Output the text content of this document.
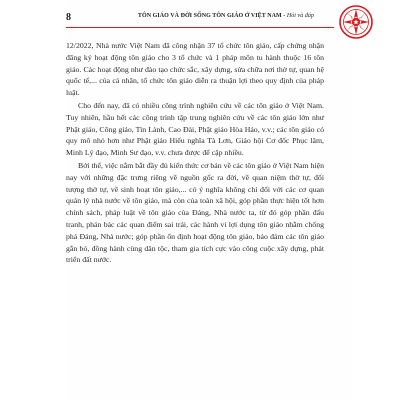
8	TÔN GIÁO VÀ ĐỜI SỐNG TÔN GIÁO Ở VIỆT NAM - Hỏi và đáp

12/2022, Nhà nước Việt Nam đã công nhận 37 tổ chức tôn giáo, cấp chứng nhận đăng ký hoạt động tôn giáo cho 3 tổ chức và 1 pháp môn tu hành thuộc 16 tôn giáo. Các hoạt động như đào tạo chức sắc, xây dựng, sửa chữa nơi thờ tự, quan hệ quốc tế,... của cá nhân, tổ chức tôn giáo diễn ra thuận lợi theo quy định của pháp luật.

Cho đến nay, đã có nhiều công trình nghiên cứu về các tôn giáo ở Việt Nam. Tuy nhiên, hầu hết các công trình tập trung nghiên cứu về các tôn giáo lớn như Phật giáo, Công giáo, Tin Lành, Cao Đài, Phật giáo Hòa Hảo, v.v.; các tôn giáo có quy mô nhỏ hơn như Phật giáo Hiếu nghĩa Tà Lơn, Giáo hội Cơ đốc Phục lâm, Minh Lý đạo, Minh Sư đạo, v.v. chưa được để cập nhiều.

Bởi thế, việc nắm bắt đầy đủ kiến thức cơ bản về các tôn giáo ở Việt Nam hiện nay với những đặc trưng riêng về nguồn gốc ra đời, về quan niệm thờ tự, đối tượng thờ tự, về sinh hoạt tôn giáo,... có ý nghĩa không chỉ đối với các cơ quan quản lý nhà nước về tôn giáo, mà còn của toàn xã hội, góp phần thực hiện tốt hơn chính sách, pháp luật về tôn giáo của Đảng, Nhà nước ta, từ đó góp phần đấu tranh, phản bác các quan điểm sai trái, các hành vi lợi dụng tôn giáo nhằm chống phá Đảng, Nhà nước; góp phần ổn định hoạt động tôn giáo, bảo đảm các tôn giáo gắn bó, đồng hành cùng dân tộc, tham gia tích cực vào công cuộc xây dựng, phát triển đất nước.
